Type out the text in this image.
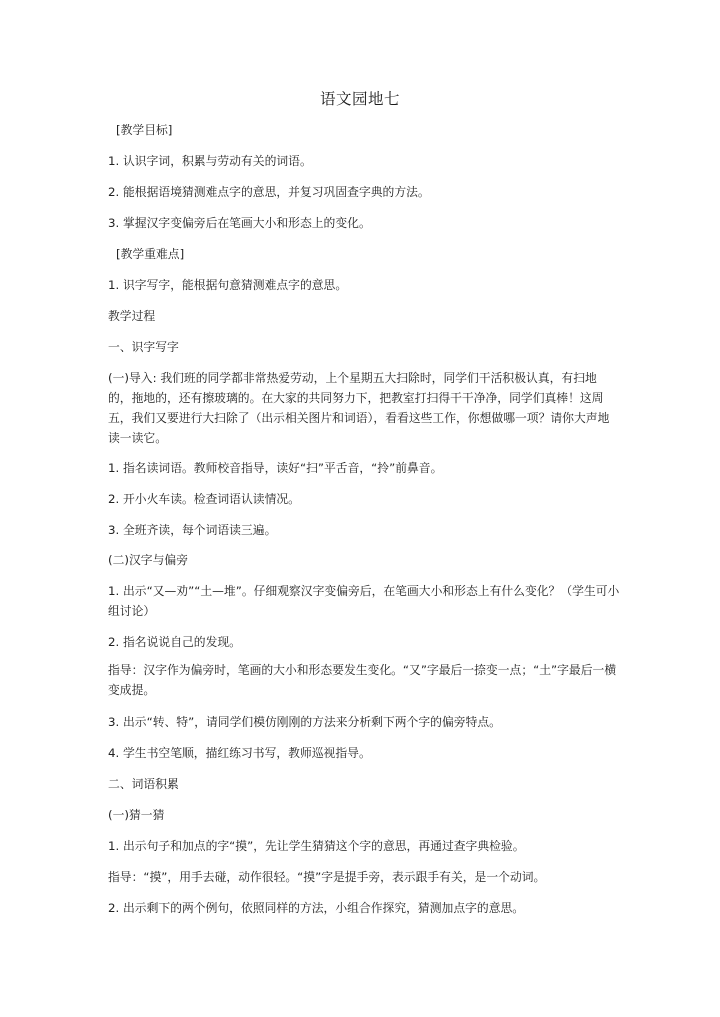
语文园地七

[教学目标]

1. 认识字词，积累与劳动有关的词语。

2. 能根据语境猜测难点字的意思，并复习巩固查字典的方法。

3. 掌握汉字变偏旁后在笔画大小和形态上的变化。

[教学重难点]

1. 识字写字，能根据句意猜测难点字的意思。

教学过程

一、识字写字

(一)导入: 我们班的同学都非常热爱劳动，上个星期五大扫除时，同学们干活积极认真，有扫地的，拖地的，还有擦玻璃的。在大家的共同努力下，把教室打扫得干干净净，同学们真棒！这周五，我们又要进行大扫除了（出示相关图片和词语），看看这些工作，你想做哪一项？请你大声地读一读它。

1. 指名读词语。教师校音指导，读好“扫”平舌音，“拎”前鼻音。

2. 开小火车读。检查词语认读情况。

3. 全班齐读，每个词语读三遍。

(二)汉字与偏旁

1. 出示“又—劝”“土—堆”。仔细观察汉字变偏旁后，在笔画大小和形态上有什么变化？（学生可小组讨论）

2. 指名说说自己的发现。

指导：汉字作为偏旁时，笔画的大小和形态要发生变化。“又”字最后一捺变一点；“土”字最后一横变成提。

3. 出示“转、特”，请同学们模仿刚刚的方法来分析剩下两个字的偏旁特点。

4. 学生书空笔顺，描红练习书写，教师巡视指导。

二、词语积累

(一)猜一猜

1. 出示句子和加点的字“摸”，先让学生猜猜这个字的意思，再通过查字典检验。

指导：“摸”，用手去碰，动作很轻。“摸”字是提手旁，表示跟手有关，是一个动词。

2. 出示剩下的两个例句，依照同样的方法，小组合作探究，猜测加点字的意思。
